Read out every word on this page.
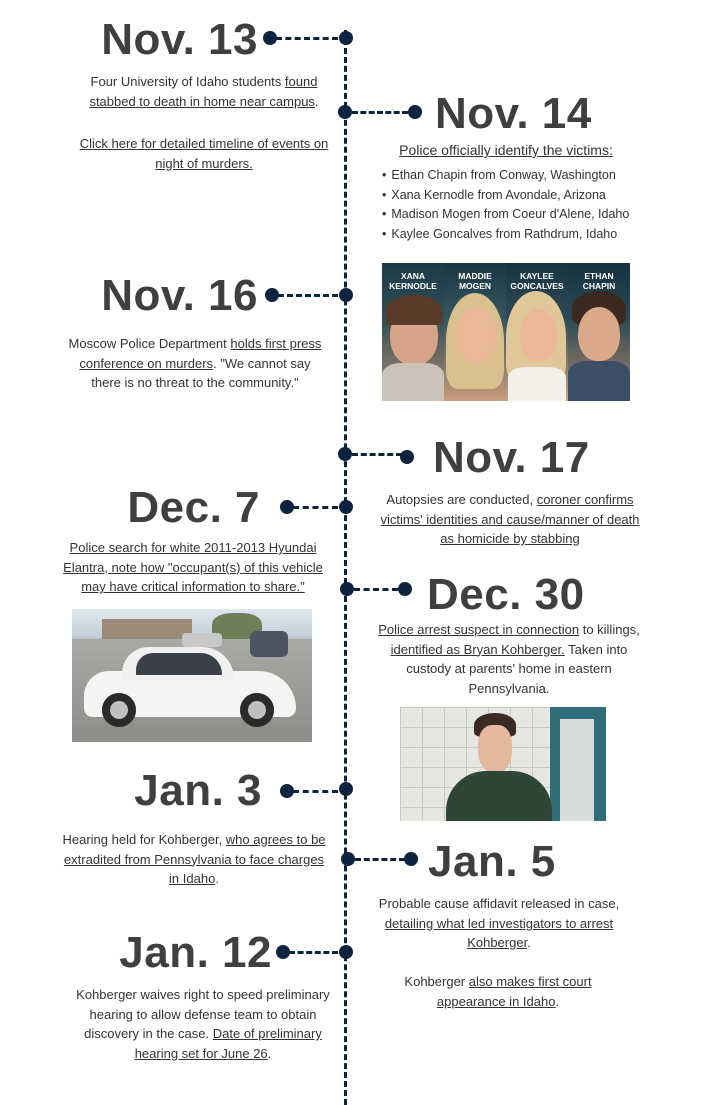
Nov. 13
Four University of Idaho students found stabbed to death in home near campus.
Click here for detailed timeline of events on night of murders.
Nov. 14
Police officially identify the victims:
• Ethan Chapin from Conway, Washington
• Xana Kernodle from Avondale, Arizona
• Madison Mogen from Coeur d'Alene, Idaho
• Kaylee Goncalves from Rathdrum, Idaho
XANA KERNODLE
MADDIE MOGEN
KAYLEE GONCALVES
ETHAN CHAPIN
Nov. 16
Moscow Police Department holds first press conference on murders. "We cannot say there is no threat to the community."
Nov. 17
Autopsies are conducted, coroner confirms victims' identities and cause/manner of death as homicide by stabbing
Dec. 7
Police search for white 2011-2013 Hyundai Elantra, note how "occupant(s) of this vehicle may have critical information to share."	Dec. 30
Police arrest suspect in connection to killings, identified as Bryan Kohberger. Taken into custody at parents' home in eastern Pennsylvania.
Jan. 3
Hearing held for Kohberger, who agrees to be extradited from Pennsylvania to face charges in Idaho.	Jan. 5
Probable cause affidavit released in case, detailing what led investigators to arrest Kohberger.
Kohberger also makes first court appearance in Idaho.
Jan. 12
Kohberger waives right to speed preliminary hearing to allow defense team to obtain discovery in the case. Date of preliminary hearing set for June 26.
